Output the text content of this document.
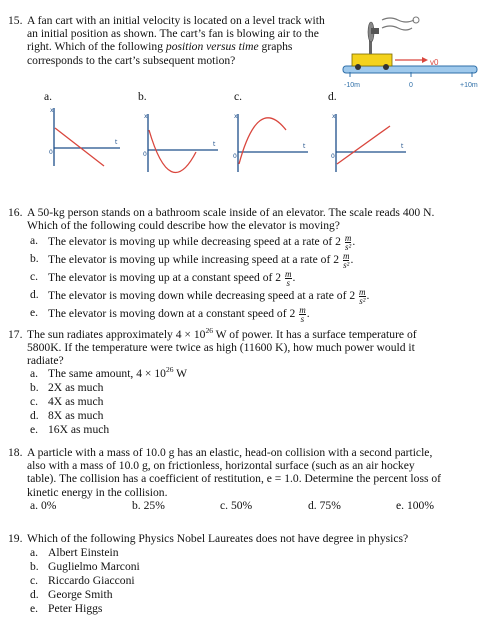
15. A fan cart with an initial velocity is located on a level track with
an initial position as shown. The cart’s fan is blowing air to the
right. Which of the following position versus time graphs
corresponds to the cart’s subsequent motion?	v0
-10m	0	+10m
a.	b.	c.	d.
x
t
0
x
t
0
x
t
0
x
t
0
16. A 50-kg person stands on a bathroom scale inside of an elevator. The scale reads 400 N.
Which of the following could describe how the elevator is moving?
a. The elevator is moving up while decreasing speed at a rate of $2 \frac{m}{\text{s²}}$ .
b. The elevator is moving up while increasing speed at a rate of $2 \frac{m}{\text{s²}}$ .
c. The elevator is moving up at a constant speed of $2 \frac{m}{s}$ .
d. The elevator is moving down while decreasing speed at a rate of $2 \frac{m}{\text{s²}}$ .
e. The elevator is moving down at a constant speed of $2 \frac{m}{s}$ .
17. The sun radiates approximately $4 \times 10^{26}$ W of power. It has a surface temperature of
5800K. If the temperature were twice as high (11600 K), how much power would it
radiate?
a. The same amount, $4 \times 10^{26}$ W
b. 2X as much
c. 4X as much
d. 8X as much
e. 16X as much
18. A particle with a mass of 10.0 g has an elastic, head-on collision with a second particle,
also with a mass of 10.0 g, on frictionless, horizontal surface (such as an air hockey
table). The collision has a coefficient of restitution, e = 1.0. Determine the percent loss of
kinetic energy in the collision.
a. 0%	b. 25%	c. 50%	d. 75%	e. 100%
19. Which of the following Physics Nobel Laureates does not have degree in physics?
a. Albert Einstein
b. Guglielmo Marconi
c. Riccardo Giacconi
d. George Smith
e. Peter Higgs
